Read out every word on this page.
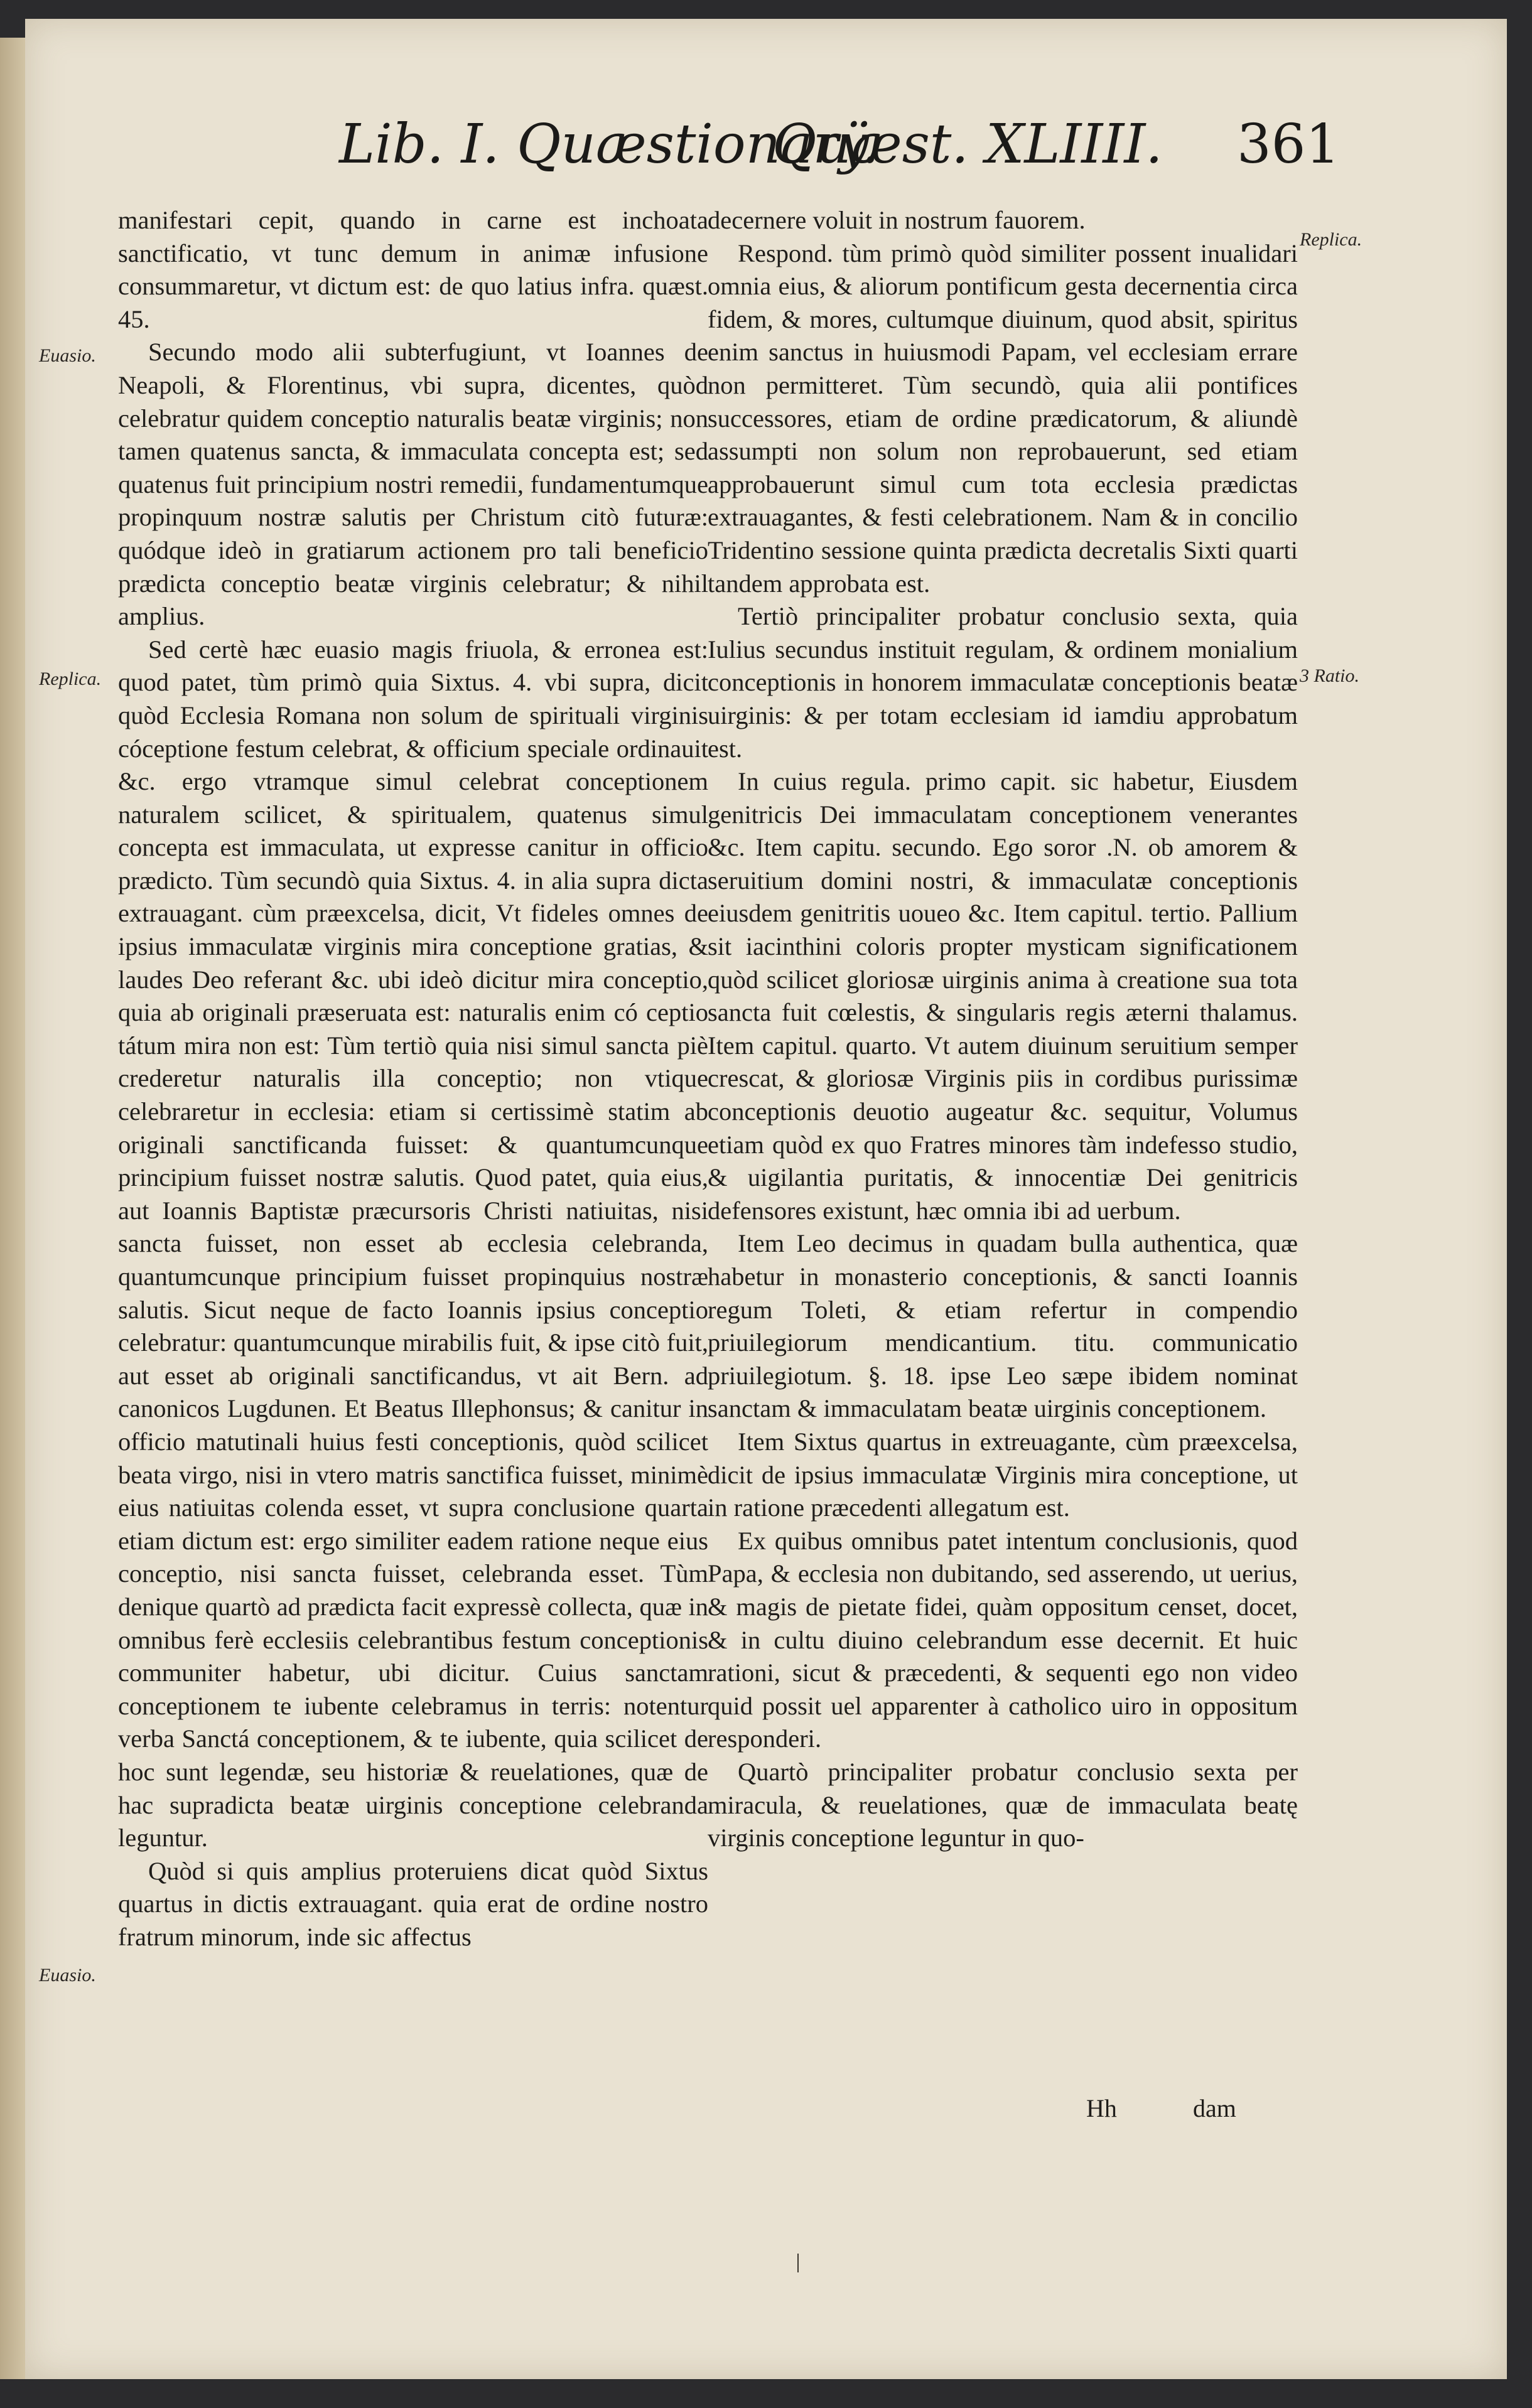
Lib. I. Quæstionarÿ.
Quæst. XLIIII. 361
Euasio.
Replica.
Euasio.
Replica.
3 Ratio.

manifestari cepit, quando in carne est inchoata sanctificatio, vt tunc demum in animæ infusione consummaretur, vt dictum est: de quo latius infra. quæst. 45.

Secundo modo alii subterfugiunt, vt Ioannes de Neapoli, & Florentinus, vbi supra, dicentes, quòd celebratur quidem conceptio naturalis beatæ virginis; non tamen quatenus sancta, & immaculata concepta est; sed quatenus fuit principium nostri remedii, fundamentumque propinquum nostræ salutis per Christum citò futuræ: quódque ideò in gratiarum actionem pro tali beneficio prædicta conceptio beatæ virginis celebratur; & nihil amplius.

Sed certè hæc euasio magis friuola, & erronea est: quod patet, tùm primò quia Sixtus. 4. vbi supra, dicit quòd Ecclesia Romana non solum de spirituali virginis cóceptione festum celebrat, & officium speciale ordinauit &c. ergo vtramque simul celebrat conceptionem naturalem scilicet, & spiritualem, quatenus simul concepta est immaculata, ut expresse canitur in officio prædicto. Tùm secundò quia Sixtus. 4. in alia supra dicta extrauagant. cùm præexcelsa, dicit, Vt fideles omnes de ipsius immaculatæ virginis mira conceptione gratias, & laudes Deo referant &c. ubi ideò dicitur mira conceptio, quia ab originali præseruata est: naturalis enim có ceptio tátum mira non est: Tùm tertiò quia nisi simul sancta piè crederetur naturalis illa conceptio; non vtique celebraretur in ecclesia: etiam si certissimè statim ab originali sanctificanda fuisset: & quantumcunque principium fuisset nostræ salutis. Quod patet, quia eius, aut Ioannis Baptistæ præcursoris Christi natiuitas, nisi sancta fuisset, non esset ab ecclesia celebranda, quantumcunque principium fuisset propinquius nostræ salutis. Sicut neque de facto Ioannis ipsius conceptio celebratur: quantumcunque mirabilis fuit, & ipse citò fuit, aut esset ab originali sanctificandus, vt ait Bern. ad canonicos Lugdunen. Et Beatus Illephonsus; & canitur in officio matutinali huius festi conceptionis, quòd scilicet beata virgo, nisi in vtero matris sanctifica fuisset, minimè eius natiuitas colenda esset, vt supra conclusione quarta etiam dictum est: ergo similiter eadem ratione neque eius conceptio, nisi sancta fuisset, celebranda esset. Tùm denique quartò ad prædicta facit expressè collecta, quæ in omnibus ferè ecclesiis celebrantibus festum conceptionis communiter habetur, ubi dicitur. Cuius sanctam conceptionem te iubente celebramus in terris: notentur verba Sanctá conceptionem, & te iubente, quia scilicet de hoc sunt legendæ, seu historiæ & reuelationes, quæ de hac supradicta beatæ uirginis conceptione celebranda leguntur.

Quòd si quis amplius proteruiens dicat quòd Sixtus quartus in dictis extrauagant. quia erat de ordine nostro fratrum minorum, inde sic affectus

decernere voluit in nostrum fauorem.

Respond. tùm primò quòd similiter possent inualidari omnia eius, & aliorum pontificum gesta decernentia circa fidem, & mores, cultumque diuinum, quod absit, spiritus enim sanctus in huiusmodi Papam, vel ecclesiam errare non permitteret. Tùm secundò, quia alii pontifices successores, etiam de ordine prædicatorum, & aliundè assumpti non solum non reprobauerunt, sed etiam approbauerunt simul cum tota ecclesia prædictas extrauagantes, & festi celebrationem. Nam & in concilio Tridentino sessione quinta prædicta decretalis Sixti quarti tandem approbata est.

Tertiò principaliter probatur conclusio sexta, quia Iulius secundus instituit regulam, & ordinem monialium conceptionis in honorem immaculatæ conceptionis beatæ uirginis: & per totam ecclesiam id iamdiu approbatum est.

In cuius regula. primo capit. sic habetur, Eiusdem genitricis Dei immaculatam conceptionem venerantes &c. Item capitu. secundo. Ego soror .N. ob amorem & seruitium domini nostri, & immaculatæ conceptionis eiusdem genitritis uoueo &c. Item capitul. tertio. Pallium sit iacinthini coloris propter mysticam significationem quòd scilicet gloriosæ uirginis anima à creatione sua tota sancta fuit cœlestis, & singularis regis æterni thalamus. Item capitul. quarto. Vt autem diuinum seruitium semper crescat, & gloriosæ Virginis piis in cordibus purissimæ conceptionis deuotio augeatur &c. sequitur, Volumus etiam quòd ex quo Fratres minores tàm indefesso studio, & uigilantia puritatis, & innocentiæ Dei genitricis defensores existunt, hæc omnia ibi ad uerbum.

Item Leo decimus in quadam bulla authentica, quæ habetur in monasterio conceptionis, & sancti Ioannis regum Toleti, & etiam refertur in compendio priuilegiorum mendicantium. titu. communicatio priuilegiotum. §. 18. ipse Leo sæpe ibidem nominat sanctam & immaculatam beatæ uirginis conceptionem.

Item Sixtus quartus in extreuagante, cùm præexcelsa, dicit de ipsius immaculatæ Virginis mira conceptione, ut in ratione præcedenti allegatum est.

Ex quibus omnibus patet intentum conclusionis, quod Papa, & ecclesia non dubitando, sed asserendo, ut uerius, & magis de pietate fidei, quàm oppositum censet, docet, & in cultu diuino celebrandum esse decernit. Et huic rationi, sicut & præcedenti, & sequenti ego non video quid possit uel apparenter à catholico uiro in oppositum responderi.

Quartò principaliter probatur conclusio sexta per miracula, & reuelationes, quæ de immaculata beatę virginis conceptione leguntur in quo-

Hh	dam
